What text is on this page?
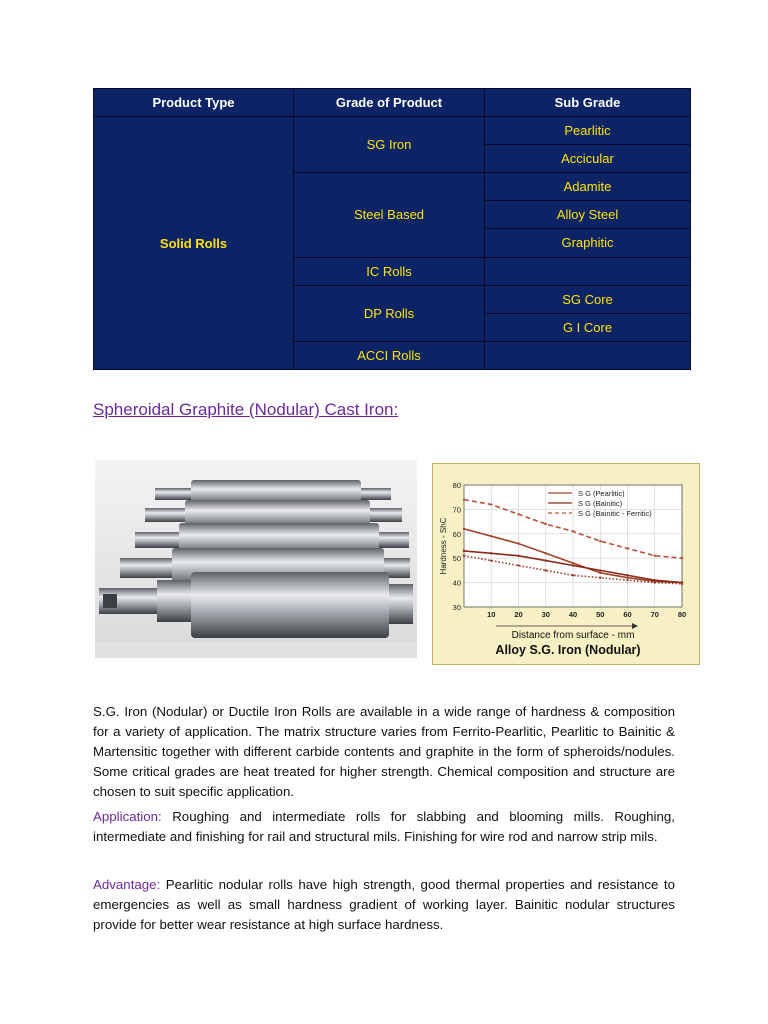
Product Type	Grade of Product	Sub Grade
Solid Rolls	SG Iron	Pearlitic
		Accicular
	Steel Based	Adamite
		Alloy Steel
		Graphitic
	IC Rolls	
	DP Rolls	SG Core
		G I Core
	ACCI Rolls	
Spheroidal Graphite (Nodular) Cast Iron:
30
40
50
60
70
80
10	20	30	40	50	60	70	80
S G (Pearlitic)
S G (Bainitic)
S G (Bainitic - Ferritic)
Hardness - ShC
Distance from surface - mm
Alloy S.G. Iron (Nodular)

S.G. Iron (Nodular) or Ductile Iron Rolls are available in a wide range of hardness & composition for a variety of application. The matrix structure varies from Ferrito-Pearlitic, Pearlitic to Bainitic & Martensitic together with different carbide contents and graphite in the form of spheroids/nodules. Some critical grades are heat treated for higher strength. Chemical composition and structure are chosen to suit specific application.

Application: Roughing and intermediate rolls for slabbing and blooming mills. Roughing, intermediate and finishing for rail and structural mils. Finishing for wire rod and narrow strip mils.

Advantage: Pearlitic nodular rolls have high strength, good thermal properties and resistance to emergencies as well as small hardness gradient of working layer. Bainitic nodular structures provide for better wear resistance at high surface hardness.
